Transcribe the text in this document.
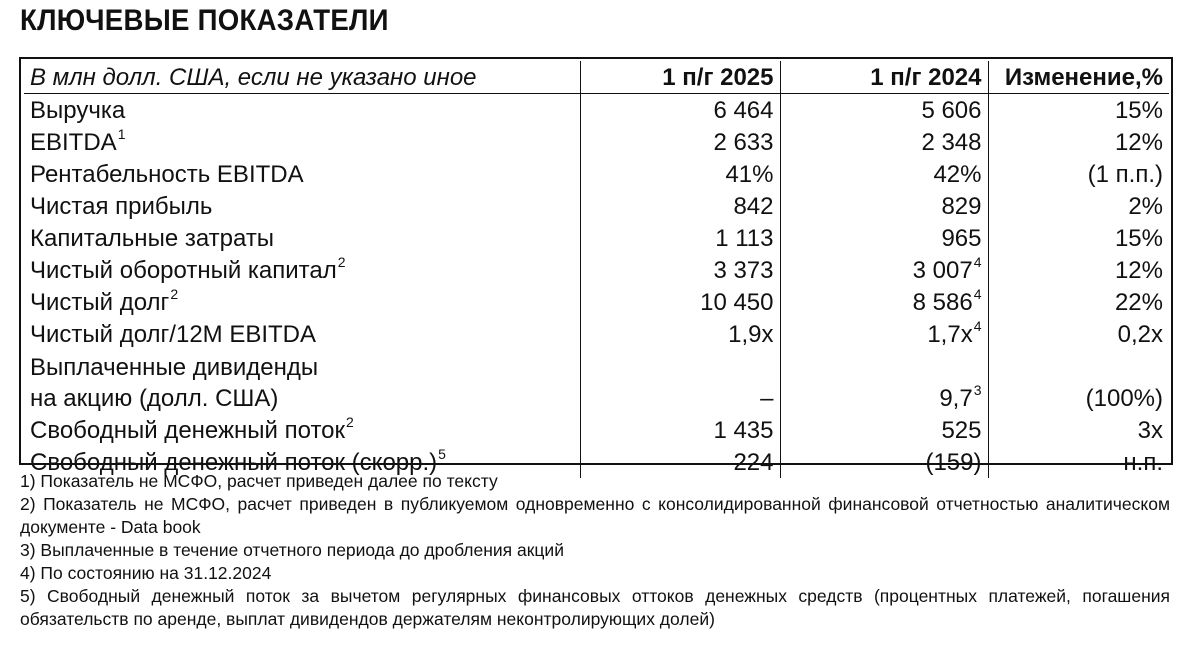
КЛЮЧЕВЫЕ ПОКАЗАТЕЛИ
В млн долл. США, если не указано иное	1 п/г 2025	1 п/г 2024	Изменение,%
Выручка	6 464	5 606	15%
EBITDA$^1$	2 633	2 348	12%
Рентабельность EBITDA	41%	42%	(1 п.п.)
Чистая прибыль	842	829	2%
Капитальные затраты	1 113	965	15%
Чистый оборотный капитал$^2$	3 373	3 $007^4$	12%
Чистый долг$^2$	10 450	8 $586^4$	22%
Чистый долг/12M EBITDA	1,9x	$1,7x^4$	0,2x

Выплаченные дивиденды
на акцию (долл. США)	–	$9,7^3$	(100%)
Свободный денежный поток$^2$	1 435	525	3x
Свободный денежный поток (скорр.)$^5$	224	(159)	н.п.
1) Показатель не МСФО, расчет приведен далее по тексту
2) Показатель не МСФО, расчет приведен в публикуемом одновременно с консолидированной финансовой отчетностью аналитическом документе - Data book
3) Выплаченные в течение отчетного периода до дробления акций
4) По состоянию на 31.12.2024
5) Свободный денежный поток за вычетом регулярных финансовых оттоков денежных средств (процентных платежей, погашения обязательств по аренде, выплат дивидендов держателям неконтролирующих долей)
